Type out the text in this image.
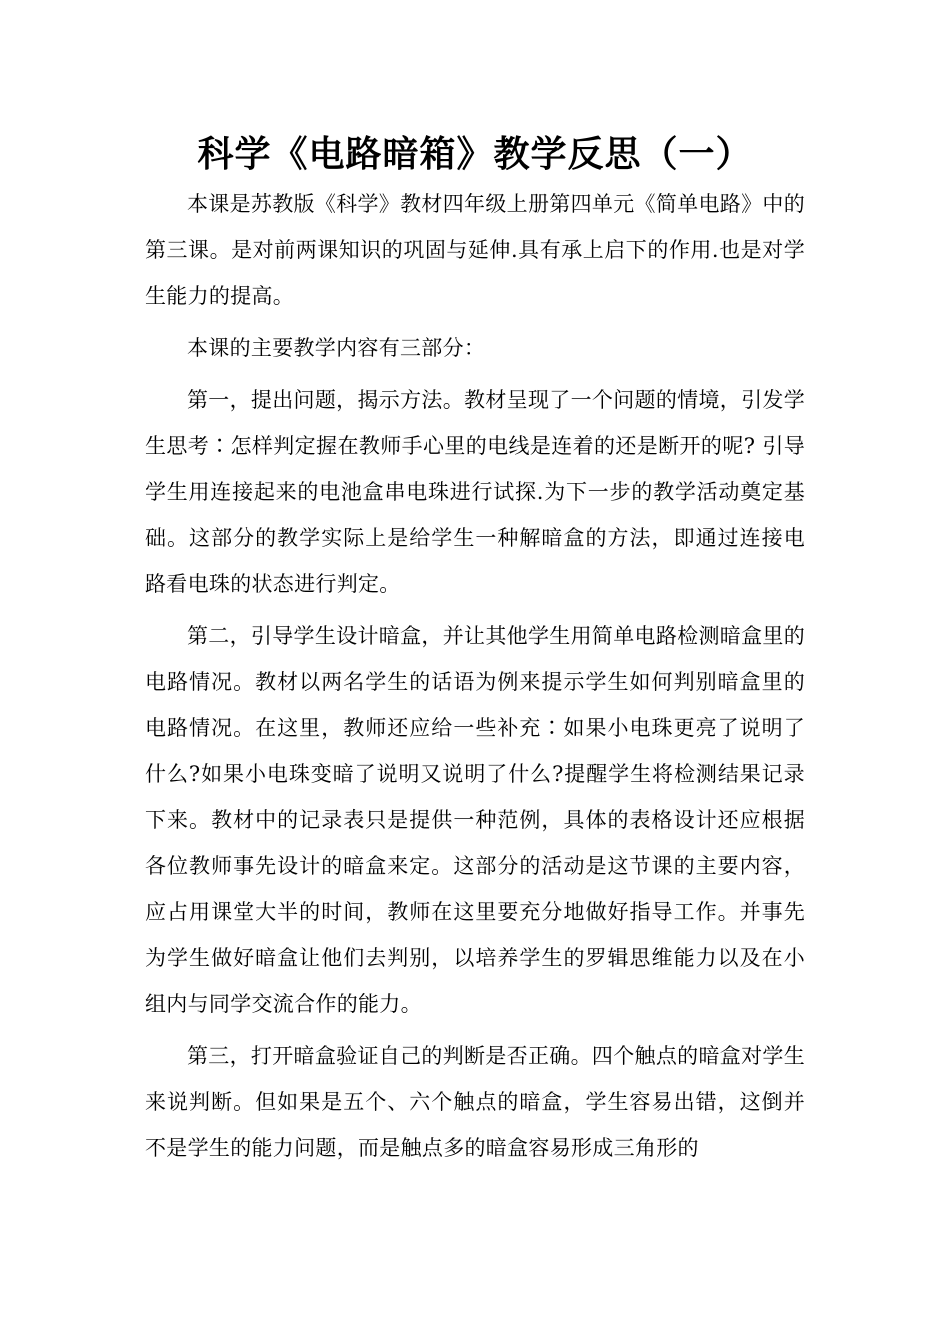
科学《电路暗箱》教学反思（一）

本课是苏教版《科学》教材四年级上册第四单元《简单电路》中的第三课。是对前两课知识的巩固与延伸.具有承上启下的作用.也是对学生能力的提高。

本课的主要教学内容有三部分：

第一，提出问题，揭示方法。教材呈现了一个问题的情境，引发学生思考∶怎样判定握在教师手心里的电线是连着的还是断开的呢? 引导学生用连接起来的电池盒串电珠进行试探.为下一步的教学活动奠定基础。这部分的教学实际上是给学生一种解暗盒的方法，即通过连接电路看电珠的状态进行判定。

第二，引导学生设计暗盒，并让其他学生用简单电路检测暗盒里的电路情况。教材以两名学生的话语为例来提示学生如何判别暗盒里的电路情况。在这里，教师还应给一些补充∶如果小电珠更亮了说明了什么?如果小电珠变暗了说明又说明了什么?提醒学生将检测结果记录下来。教材中的记录表只是提供一种范例，具体的表格设计还应根据各位教师事先设计的暗盒来定。这部分的活动是这节课的主要内容，应占用课堂大半的时间，教师在这里要充分地做好指导工作。并事先为学生做好暗盒让他们去判别，以培养学生的罗辑思维能力以及在小组内与同学交流合作的能力。

第三，打开暗盒验证自己的判断是否正确。四个触点的暗盒对学生来说判断。但如果是五个、六个触点的暗盒，学生容易出错，这倒并不是学生的能力问题，而是触点多的暗盒容易形成三角形的
